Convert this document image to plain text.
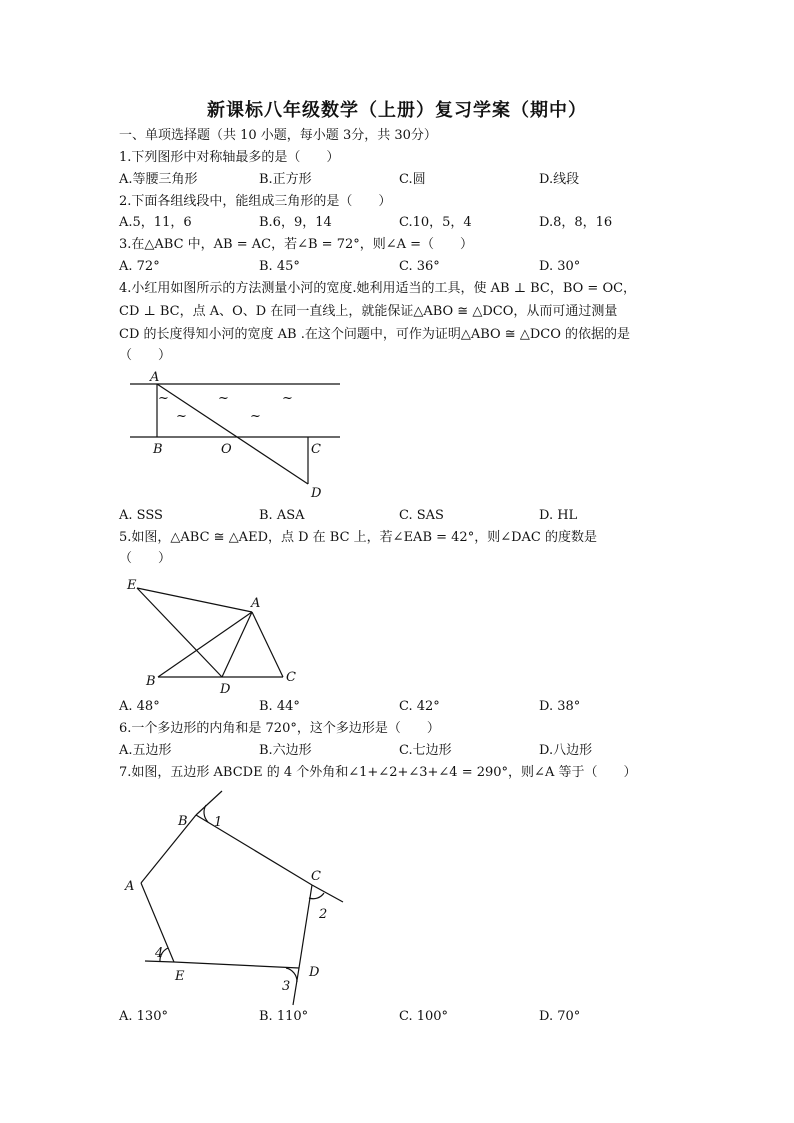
新课标八年级数学（上册）复习学案（期中）
一、单项选择题（共 10 小题，每小题 3分，共 30分）
1.下列图形中对称轴最多的是（　　）
A.等腰三角形	B.正方形	C.圆	D.线段
2.下面各组线段中，能组成三角形的是（　　）
A.5，11，6	B.6，9，14	C.10，5，4	D.8，8，16
3.在△ABC 中，AB = AC，若∠B = 72°，则∠A =（　　）
A. 72°	B. 45°	C. 36°	D. 30°
4.小红用如图所示的方法测量小河的宽度.她利用适当的工具，使 AB ⊥ BC，BO = OC，
CD ⊥ BC，点 A、O、D 在同一直线上，就能保证△ABO ≅ △DCO，从而可通过测量
CD 的长度得知小河的宽度 AB .在这个问题中，可作为证明△ABO ≅ △DCO 的依据的是
（　　）
~	~	~
~	~
A
B	O	C
D
E
A
B
D
C
A
B
C
D
E
1
2
3
4
A. SSS	B. ASA	C. SAS	D. HL
5.如图，△ABC ≅ △AED，点 D 在 BC 上，若∠EAB = 42°，则∠DAC 的度数是
（　　）
A. 48°	B. 44°	C. 42°	D. 38°
6.一个多边形的内角和是 720°，这个多边形是（　　）
A.五边形	B.六边形	C.七边形	D.八边形
7.如图，五边形 ABCDE 的 4 个外角和∠1+∠2+∠3+∠4 = 290°，则∠A 等于（　　）
A. 130°	B. 110°	C. 100°	D. 70°
